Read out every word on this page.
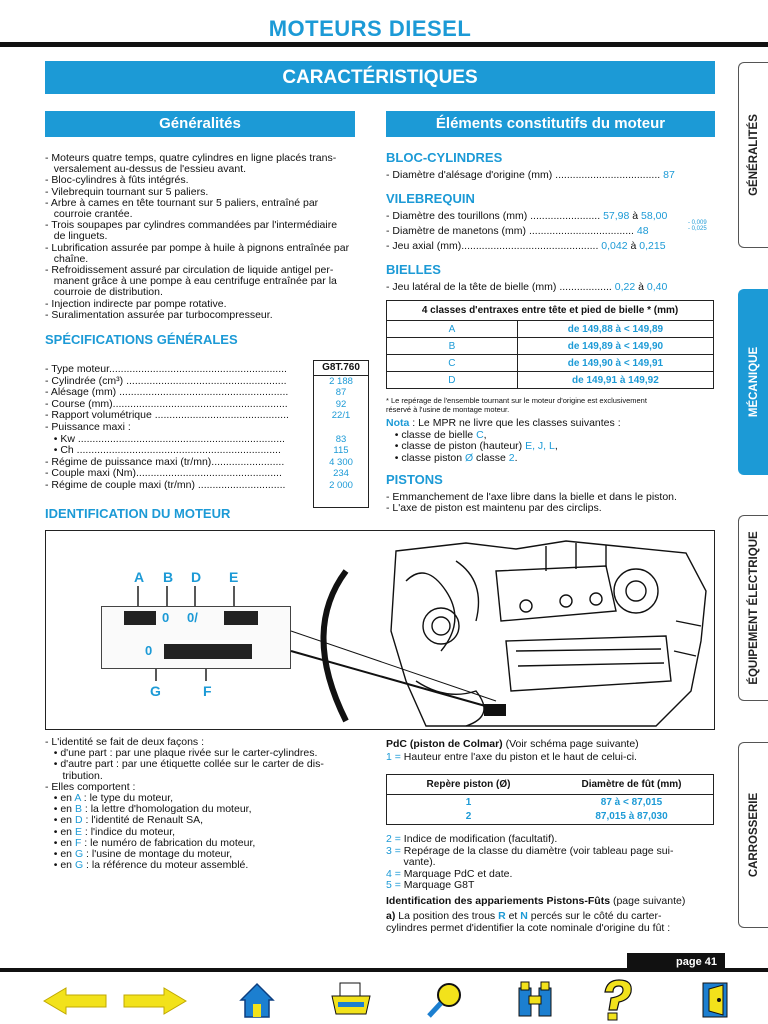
MOTEURS DIESEL
CARACTÉRISTIQUES
Généralités
- Moteurs quatre temps, quatre cylindres en ligne placés trans-
versalement au-dessus de l'essieu avant.
- Bloc-cylindres à fûts intégrés.
- Vilebrequin tournant sur 5 paliers.
- Arbre à cames en tête tournant sur 5 paliers, entraîné par
courroie crantée.
- Trois soupapes par cylindres commandées par l'intermédiaire
de linguets.
- Lubrification assurée par pompe à huile à pignons entraînée par
chaîne.
- Refroidissement assuré par circulation de liquide antigel per-
manent grâce à une pompe à eau centrifuge entraînée par la
courroie de distribution.
- Injection indirecte par pompe rotative.
- Suralimentation assurée par turbocompresseur.
SPÉCIFICATIONS GÉNÉRALES
G8T.760
- Type moteur.............................................................
- Cylindrée (cm³) .......................................................	2 188
- Alésage (mm) ..........................................................	87
- Course (mm)............................................................	92
- Rapport volumétrique ..............................................	22/1
- Puissance maxi :
• Kw .......................................................................	83
• Ch ......................................................................	115
- Régime de puissance maxi (tr/mn).........................	4 300
- Couple maxi (Nm)..................................................	234
- Régime de couple maxi (tr/mn) ..............................	2 000
IDENTIFICATION DU MOTEUR
0 0/
0
A B D E
G	F
- L'identité se fait de deux façons :
• d'une part : par une plaque rivée sur le carter-cylindres.
• d'autre part : par une étiquette collée sur le carter de dis-
tribution.
- Elles comportent :
• en A : le type du moteur,
• en B : la lettre d'homologation du moteur,
• en D : l'identité de Renault SA,
• en E : l'indice du moteur,
• en F : le numéro de fabrication du moteur,
• en G : l'usine de montage du moteur,
• en G : la référence du moteur assemblé.
Éléments constitutifs du moteur
BLOC-CYLINDRES
- Diamètre d'alésage d'origine (mm) .................................... 87
VILEBREQUIN
- Diamètre des tourillons (mm) ........................ 57,98 à 58,00
- Diamètre de manetons (mm) .................................... 48
- Jeu axial (mm)............................................... 0,042 à 0,215
- 0,009
- 0,025
BIELLES
- Jeu latéral de la tête de bielle (mm) .................. 0,22 à 0,40
4 classes d'entraxes entre tête et pied de bielle * (mm)	
A	de 149,88 à < 149,89
B	de 149,89 à < 149,90
C	de 149,90 à < 149,91
D	de 149,91 à 149,92
* Le repérage de l'ensemble tournant sur le moteur d'origine est exclusivement
réservé à l'usine de montage moteur.
Nota : Le MPR ne livre que les classes suivantes :
• classe de bielle C,
• classe de piston (hauteur) E, J, L,
• classe piston Ø classe 2.
PISTONS
- Emmanchement de l'axe libre dans la bielle et dans le piston.
- L'axe de piston est maintenu par des circlips.
PdC (piston de Colmar) (Voir schéma page suivante)
1 = Hauteur entre l'axe du piston et le haut de celui-ci.
Repère piston (Ø)	Diamètre de fût (mm)
1	87 à < 87,015
2	87,015 à 87,030
2 = Indice de modification (facultatif).
3 = Repérage de la classe du diamètre (voir tableau page sui-
vante).
4 = Marquage PdC et date.
5 = Marquage G8T
Identification des appariements Pistons-Fûts (page suivante)
a) La position des trous R et N percés sur le côté du carter-
cylindres permet d'identifier la cote nominale d'origine du fût :
GÉNÉRALITÉS
MÉCANIQUE
ÉQUIPEMENT ÉLECTRIQUE
CARROSSERIE
page 41
